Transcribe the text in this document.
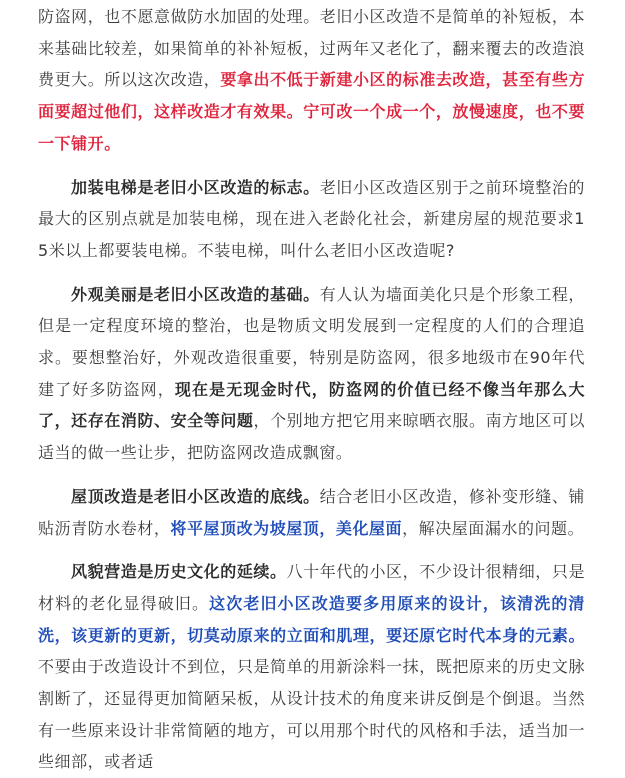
防盗网，也不愿意做防水加固的处理。老旧小区改造不是简单的补短板，本来基础比较差，如果简单的补补短板，过两年又老化了，翻来覆去的改造浪费更大。所以这次改造，要拿出不低于新建小区的标准去改造，甚至有些方面要超过他们，这样改造才有效果。宁可改一个成一个，放慢速度，也不要一下铺开。

加装电梯是老旧小区改造的标志。老旧小区改造区别于之前环境整治的最大的区别点就是加装电梯，现在进入老龄化社会，新建房屋的规范要求15米以上都要装电梯。不装电梯，叫什么老旧小区改造呢?

外观美丽是老旧小区改造的基础。有人认为墙面美化只是个形象工程，但是一定程度环境的整治，也是物质文明发展到一定程度的人们的合理追求。要想整治好，外观改造很重要，特别是防盗网，很多地级市在90年代建了好多防盗网，现在是无现金时代，防盗网的价值已经不像当年那么大了，还存在消防、安全等问题，个别地方把它用来晾晒衣服。南方地区可以适当的做一些让步，把防盗网改造成飘窗。

屋顶改造是老旧小区改造的底线。结合老旧小区改造，修补变形缝、铺贴沥青防水卷材，将平屋顶改为坡屋顶，美化屋面，解决屋面漏水的问题。

风貌营造是历史文化的延续。八十年代的小区，不少设计很精细，只是材料的老化显得破旧。这次老旧小区改造要多用原来的设计，该清洗的清洗，该更新的更新，切莫动原来的立面和肌理，要还原它时代本身的元素。不要由于改造设计不到位，只是简单的用新涂料一抹，既把原来的历史文脉割断了，还显得更加简陋呆板，从设计技术的角度来讲反倒是个倒退。当然有一些原来设计非常简陋的地方，可以用那个时代的风格和手法，适当加一些细部，或者适
